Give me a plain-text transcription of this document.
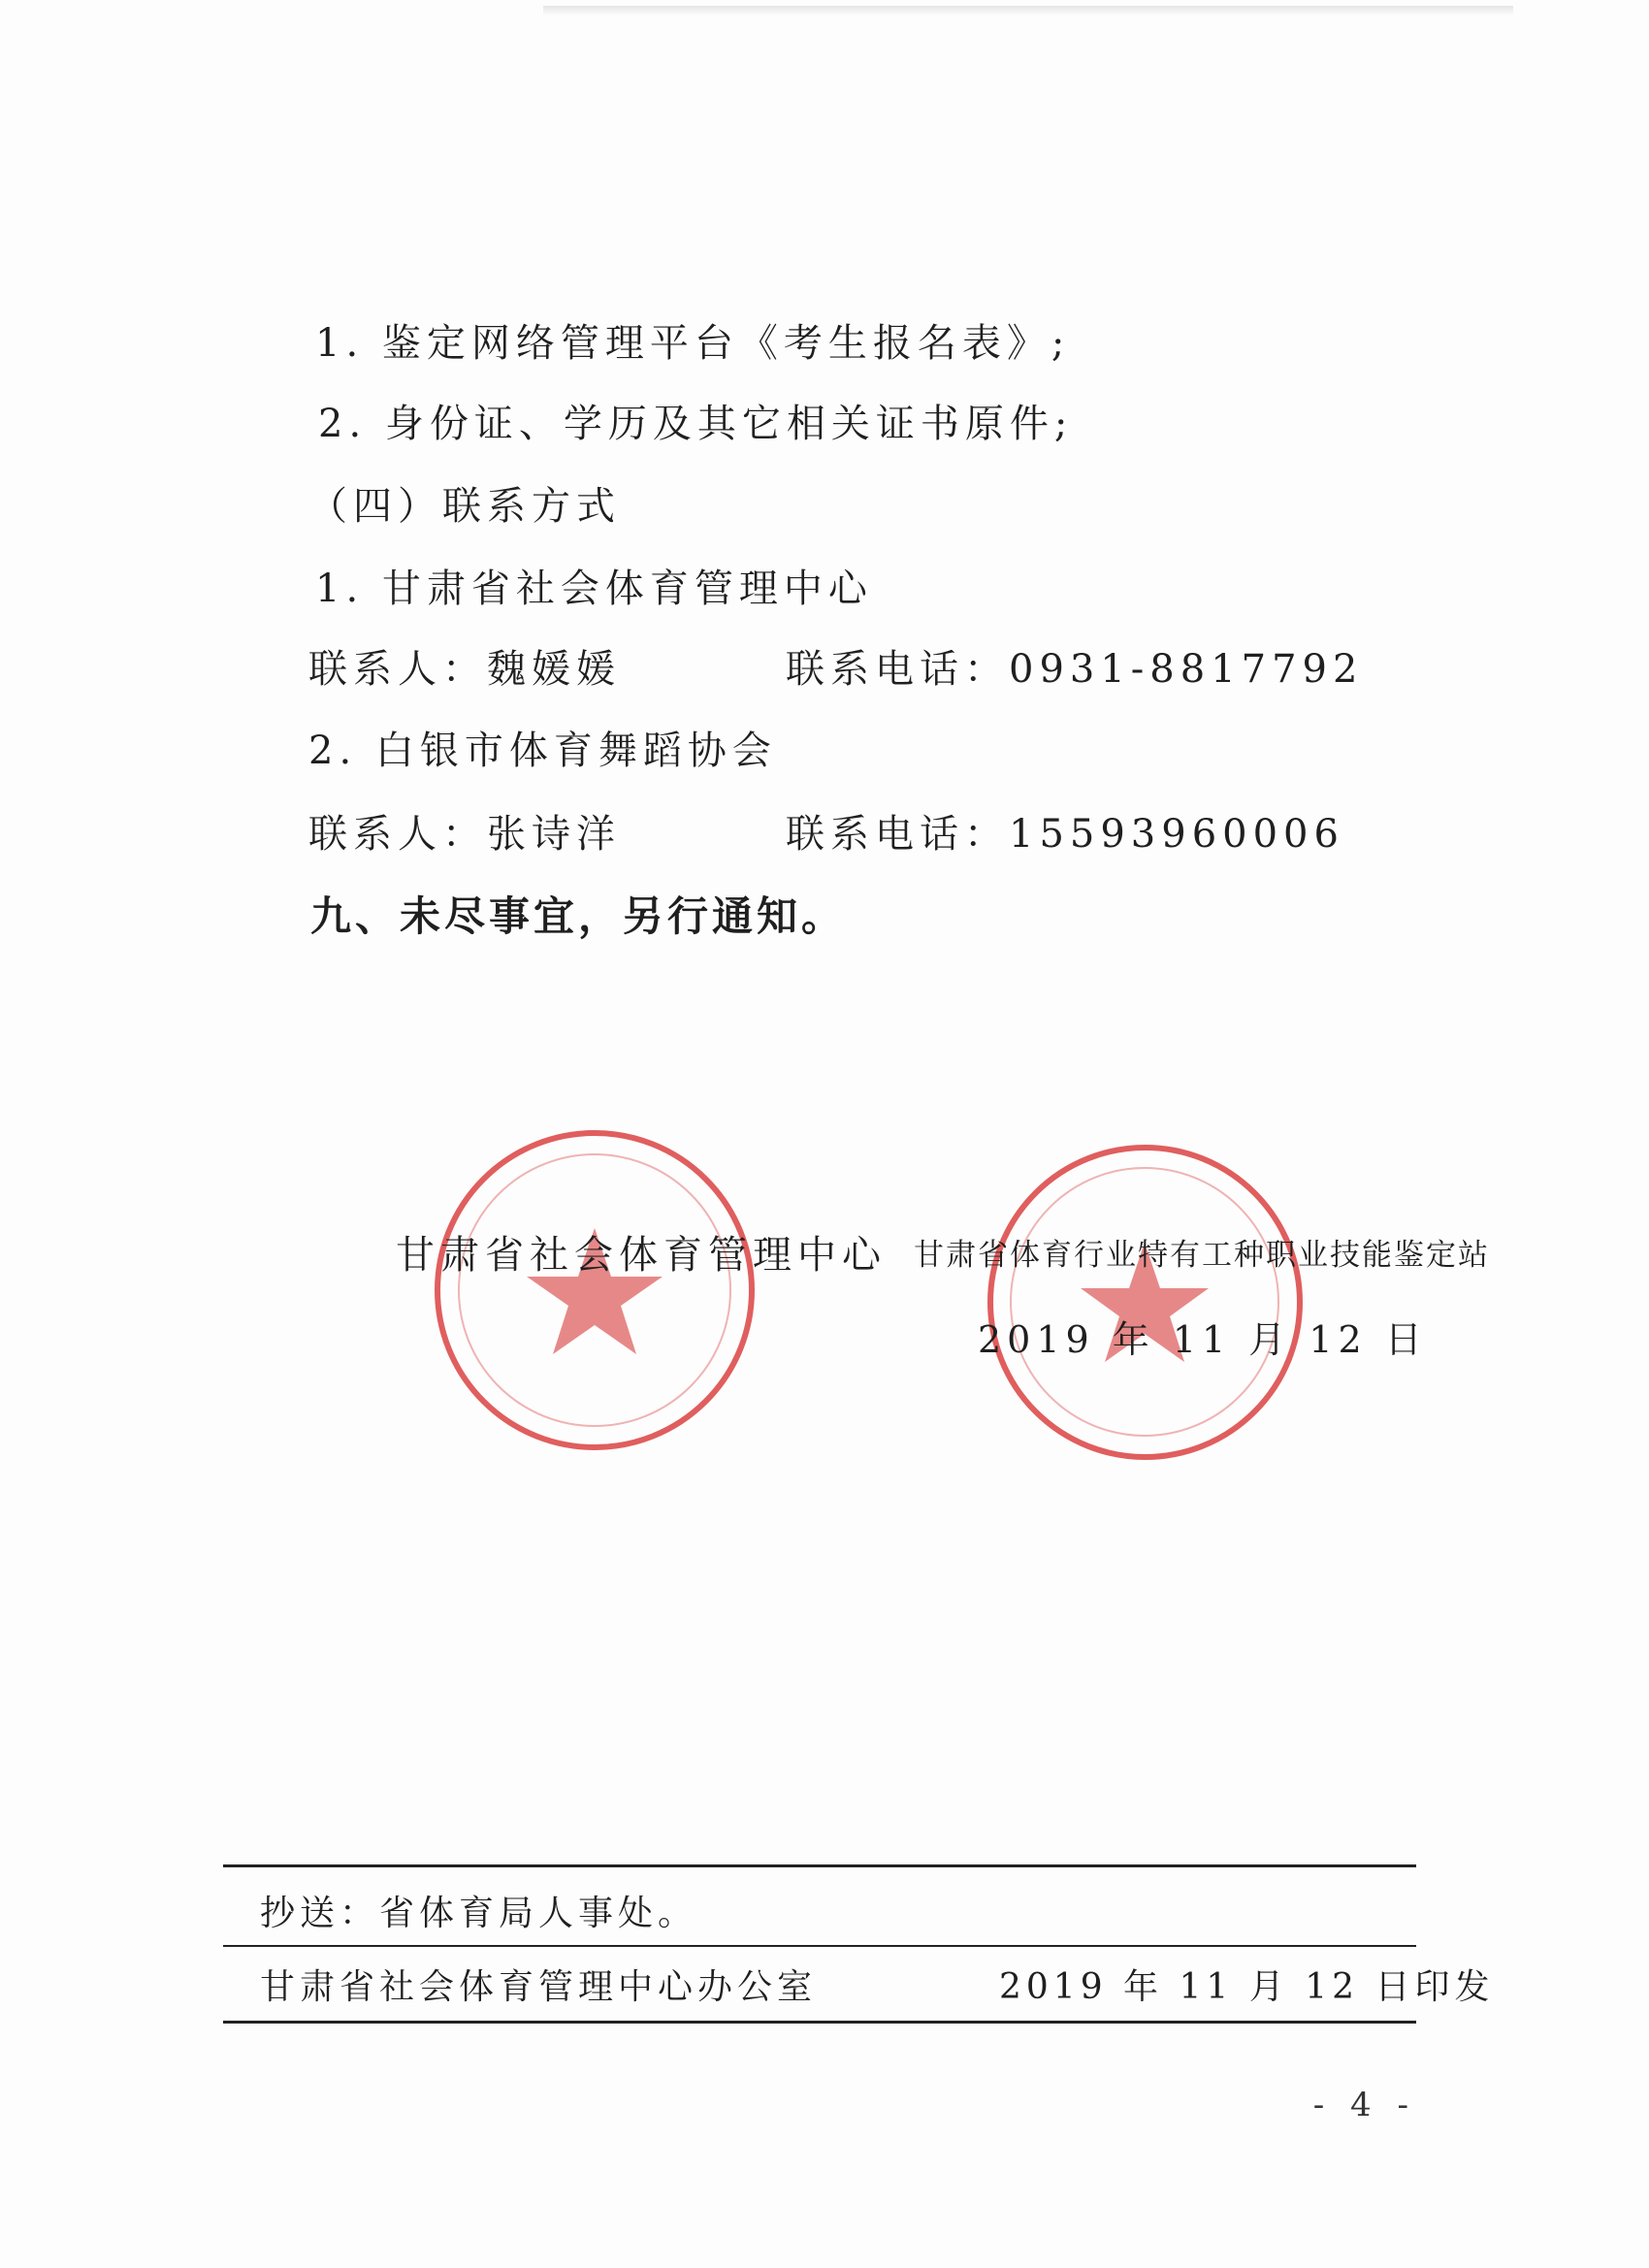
1. 鉴定网络管理平台《考生报名表》;
2. 身份证、学历及其它相关证书原件;
（四）联系方式
1. 甘肃省社会体育管理中心
联系人：魏媛媛	联系电话：0931-8817792
2. 白银市体育舞蹈协会
联系人：张诗洋	联系电话：15593960006
九、未尽事宜，另行通知。
甘肃省社会体育管理中心 甘肃省体育行业特有工种职业技能鉴定站
2019 年 11 月 12 日
抄送：省体育局人事处。
甘肃省社会体育管理中心办公室	2019 年 11 月 12 日印发
- 4 -
